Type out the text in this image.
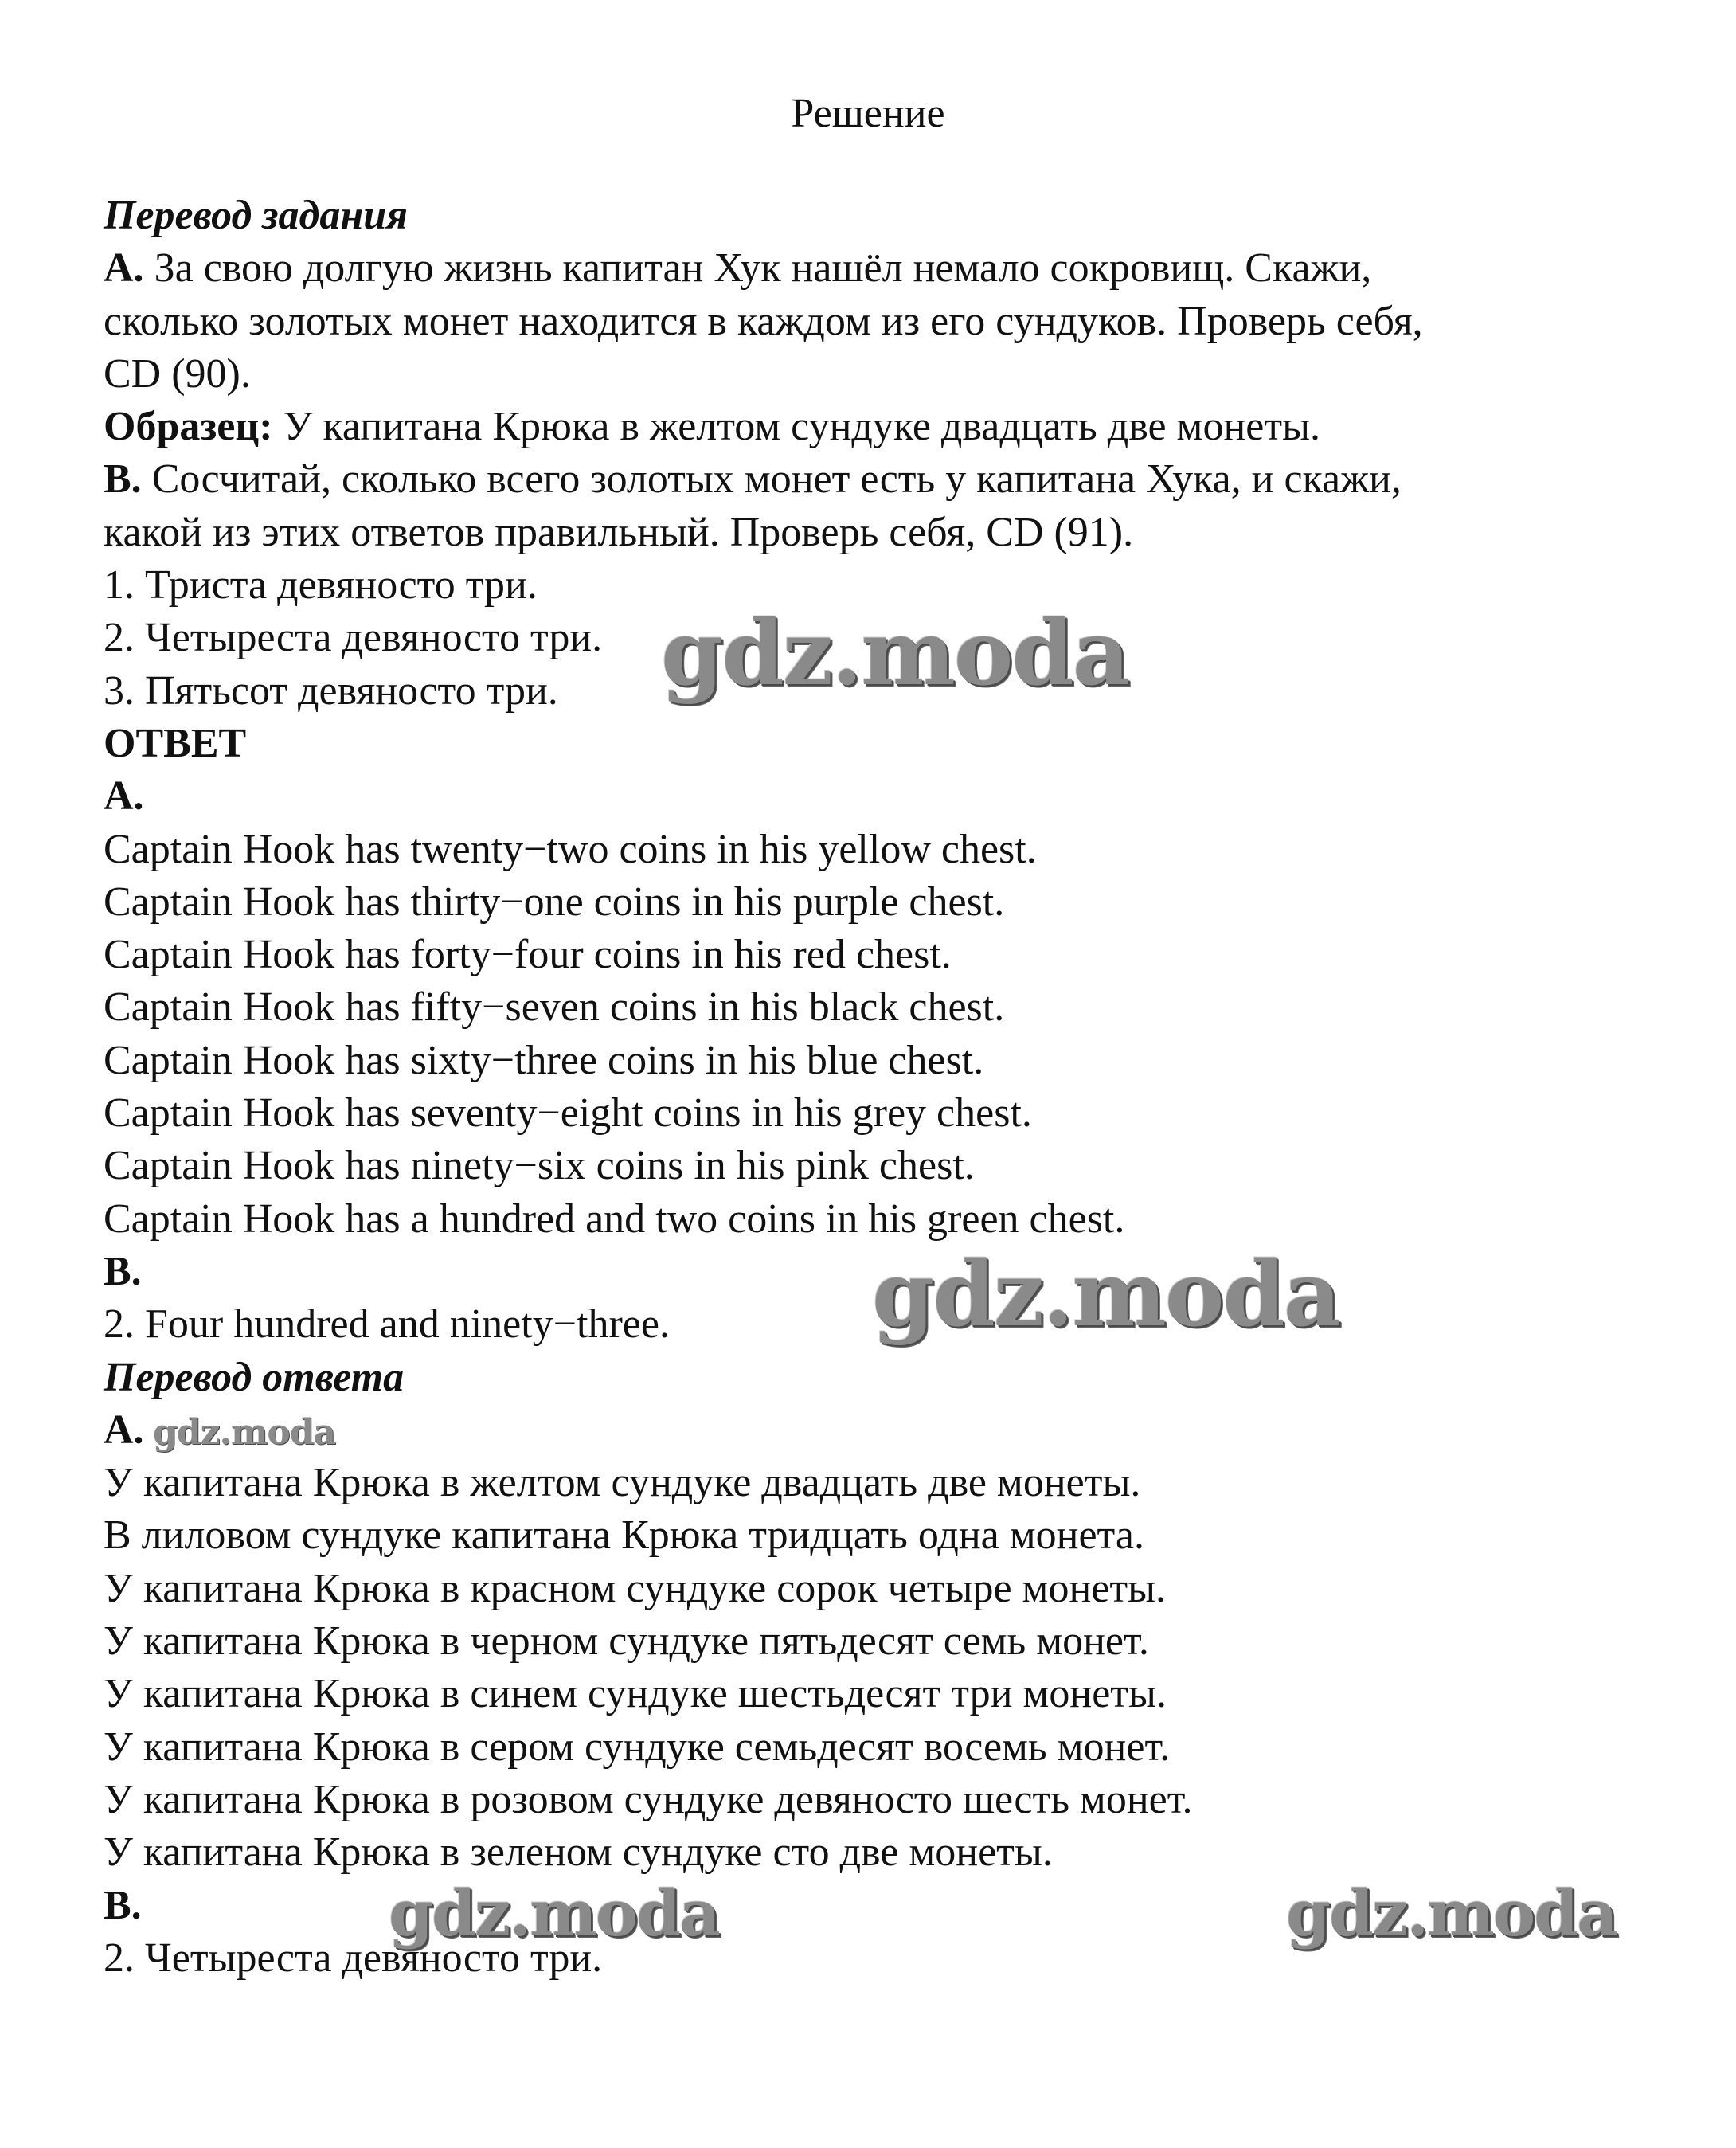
Решение
Перевод задания
A. За свою долгую жизнь капитан Хук нашёл немало сокровищ. Скажи,
сколько золотых монет находится в каждом из его сундуков. Проверь себя,
CD (90).
Образец: У капитана Крюка в желтом сундуке двадцать две монеты.
B. Сосчитай, сколько всего золотых монет есть у капитана Хука, и скажи,
какой из этих ответов правильный. Проверь себя, CD (91).
1. Триста девяносто три.
2. Четыреста девяносто три.
3. Пятьсот девяносто три.
ОТВЕТ
A.
Captain Hook has twenty−two coins in his yellow chest.
Captain Hook has thirty−one coins in his purple chest.
Captain Hook has forty−four coins in his red chest.
Captain Hook has fifty−seven coins in his black chest.
Captain Hook has sixty−three coins in his blue chest.
Captain Hook has seventy−eight coins in his grey chest.
Captain Hook has ninety−six coins in his pink chest.
Captain Hook has a hundred and two coins in his green chest.
B.
2. Four hundred and ninety−three.
Перевод ответа
A.
У капитана Крюка в желтом сундуке двадцать две монеты.
В лиловом сундуке капитана Крюка тридцать одна монета.
У капитана Крюка в красном сундуке сорок четыре монеты.
У капитана Крюка в черном сундуке пятьдесят семь монет.
У капитана Крюка в синем сундуке шестьдесят три монеты.
У капитана Крюка в сером сундуке семьдесят восемь монет.
У капитана Крюка в розовом сундуке девяносто шесть монет.
У капитана Крюка в зеленом сундуке сто две монеты.
B.
2. Четыреста девяносто три.
gdz.moda
gdz.moda
gdz.moda
gdz.moda	gdz.moda
